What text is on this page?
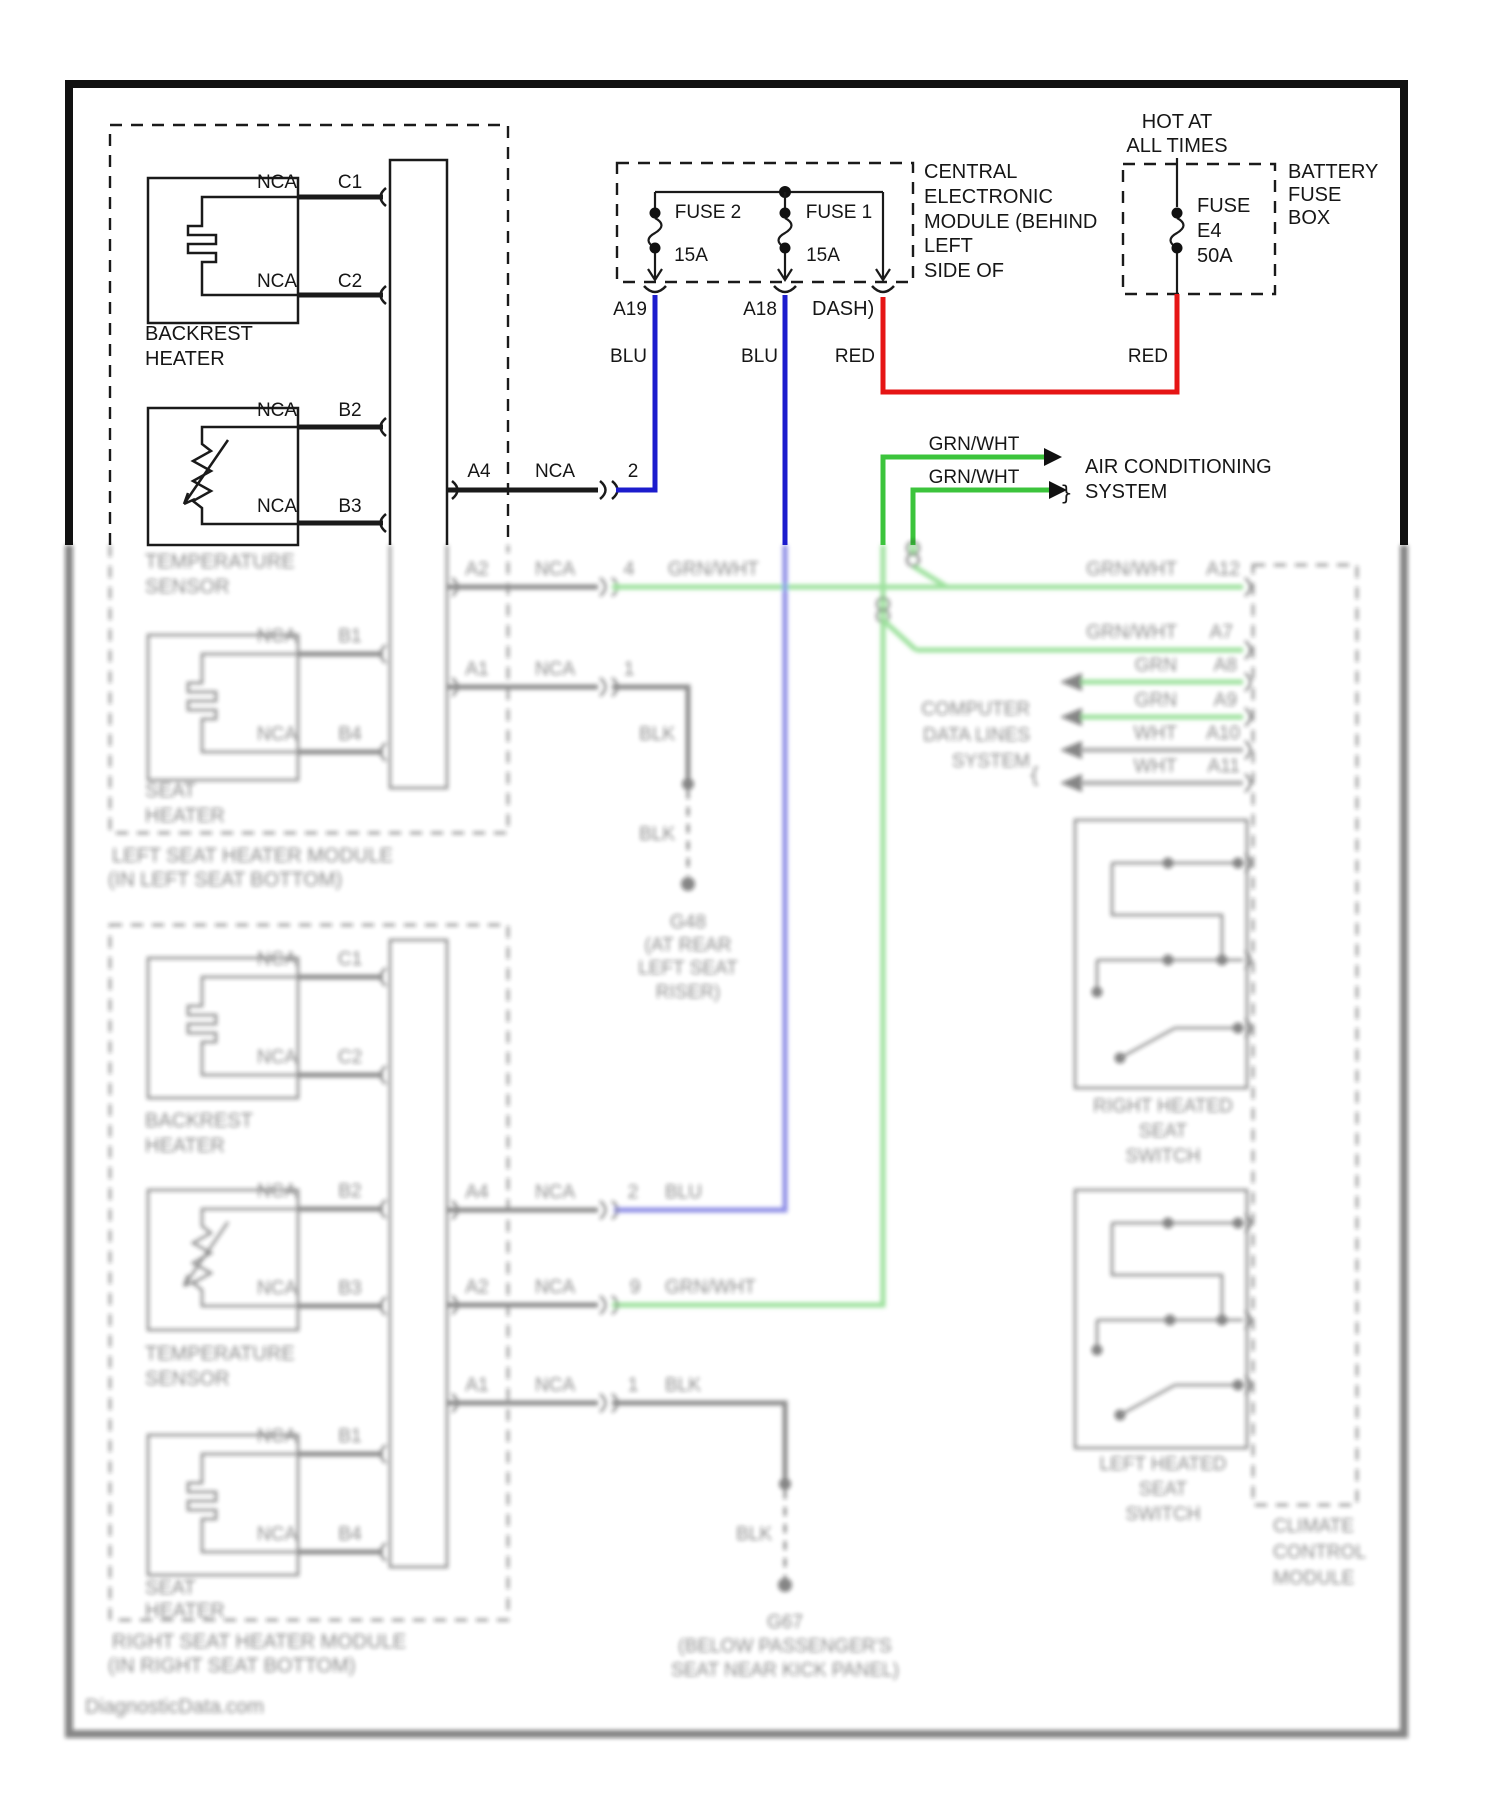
NCA C1
NCA C2
BACKREST
HEATER
NCA B2
NCA B3
A4 NCA	2
FUSE 2
15A
FUSE 1
15A
CENTRAL
ELECTRONIC
MODULE (BEHIND
LEFT
SIDE OF
DASH)
HOT AT
ALL TIMES
FUSE
E4
50A
BATTERY
FUSE
BOX
A19	A18
BLU	BLU	RED	RED
GRN/WHT
GRN/WHT
}
AIR CONDITIONING
SYSTEM
TEMPERATURE
SENSOR
NCA B1
NCA B4
SEAT
HEATER
LEFT SEAT HEATER MODULE
(IN LEFT SEAT BOTTOM)
A2 NCA	4 GRN/WHT
A1 NCA	1
BLK
BLK
G48
(AT REAR
LEFT SEAT
RISER)
GRN/WHT A12
GRN/WHT A7
COMPUTER
DATA LINES
SYSTEM
{
GRN A8
GRN A9
WHT A10
WHT A11
RIGHT HEATED
SEAT
SWITCH
LEFT HEATED
SEAT
SWITCH
CLIMATE
CONTROL
MODULE
NCA C1
NCA C2
BACKREST
HEATER
NCA B2
NCA B3
TEMPERATURE
SENSOR
NCA B1
NCA B4
SEAT
HEATER
RIGHT SEAT HEATER MODULE
(IN RIGHT SEAT BOTTOM)
A4 NCA	2 BLU
A2 NCA	9 GRN/WHT
A1 NCA	1 BLK
BLK
G67
(BELOW PASSENGER'S
SEAT NEAR KICK PANEL)
DiagnosticData.com
